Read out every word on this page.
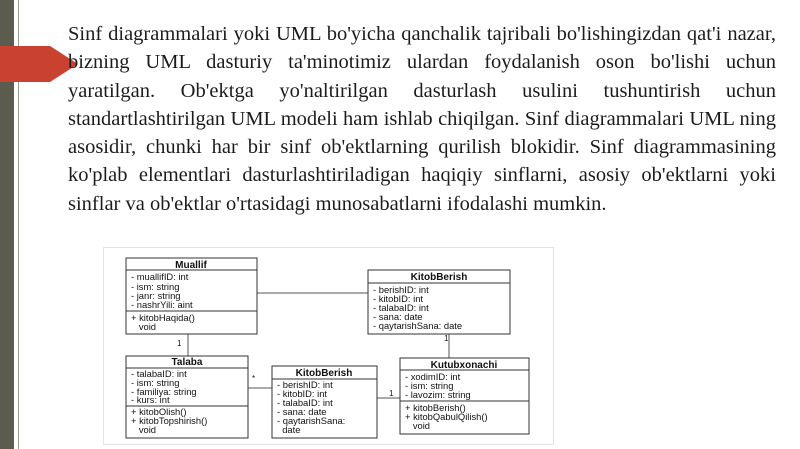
Sinf diagrammalari yoki UML bo'yicha qanchalik tajribali bo'lishingizdan qat'i nazar, bizning UML dasturiy ta'minotimiz ulardan foydalanish oson bo'lishi uchun yaratilgan. Ob'ektga yo'naltirilgan dasturlash usulini tushuntirish uchun standartlashtirilgan UML modeli ham ishlab chiqilgan. Sinf diagrammalari UML ning asosidir, chunki har bir sinf ob'ektlarning qurilish blokidir. Sinf diagrammasining ko'plab elementlari dasturlashtiriladigan haqiqiy sinflarni, asosiy ob'ektlarni yoki sinflar va ob'ektlar o'rtasidagi munosabatlarni ifodalashi mumkin.

1
1
*
1
Muallif
- muallifID: int
- ism: string
- janr: string
- nashrYili: aint
+ kitobHaqida()
void
KitobBerish
- berishID: int
- kitobID: int
- talabaID: int
- sana: date
- qaytarishSana: date
Talaba
- talabaID: int
- ism: string
- familiya: string
- kurs: int
+ kitobOlish()
+ kitobTopshirish()
void
KitobBerish
- berishID: int
- kitobID: int
- talabaID: int
- sana: date
- qaytarishSana:
date
Kutubxonachi
- xodimID: int
- ism: string
- lavozim: string
+ kitobBerish()
+ kitobQabulQilish()
void
